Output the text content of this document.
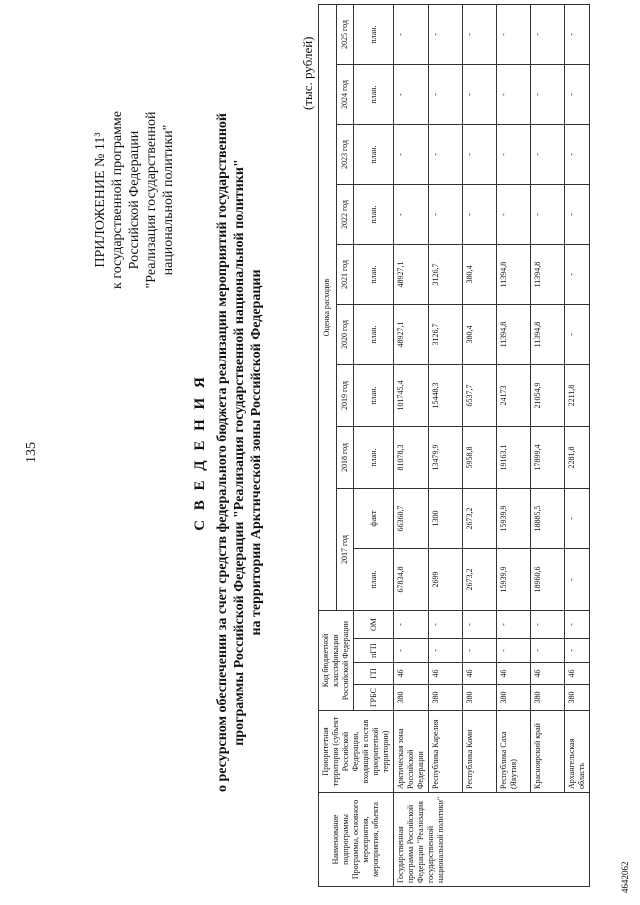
135
ПРИЛОЖЕНИЕ № 11³ к государственной программе Российской Федерации "Реализация государственной национальной политики"
С В Е Д Е Н И Я о ресурсном обеспечении за счет средств федерального бюджета реализации мероприятий государственной программы Российской Федерации "Реализация государственной национальной политики" на территории Арктической зоны Российской Федерации
(тыс. рублей)
Наименование подпрограммы Программы, основного мероприятия, мероприятия, объекта	Приоритетная территория (субъект Российской Федерации, входящий в состав приоритетной территории)	Код бюджетной классификации Российской Федерации				Оценка расходов									
						2017 год		2018 год	2019 год	2020 год	2021 год	2022 год	2023 год	2024 год	2025 год
		ГРБС	ГП	пГП	ОМ	план.	факт	план.	план.	план.	план.	план.	план.	план.	план.

Государственная программа Российской Федерации "Реализация государственной национальной политики"	Арктическая зона Российской Федерации	380	46	-	-	67834,8	66360,7	81078,3	101745,4	48927,1	48927,1	-	-	-	-
	Республика Карелия	380	46	-	-	2699	1300	13479,9	15448,3	3126,7	3126,7	-	-	-	-
	Республика Коми	380	46	-	-	2673,2	2673,2	5958,8	6537,7	380,4	380,4	-	-	-	-
	Республика Саха (Якутия)	380	46	-	-	15939,9	15939,9	19163,1	24173	11394,8	11394,8	-	-	-	-
	Красноярский край	380	46	-	-	18960,6	18885,5	17899,4	21054,9	11394,8	11394,8	-	-	-	-
	Архангельская область	380	46	-	-	-	-	2281,8	2211,8	-	-	-	-	-	-
4642062
